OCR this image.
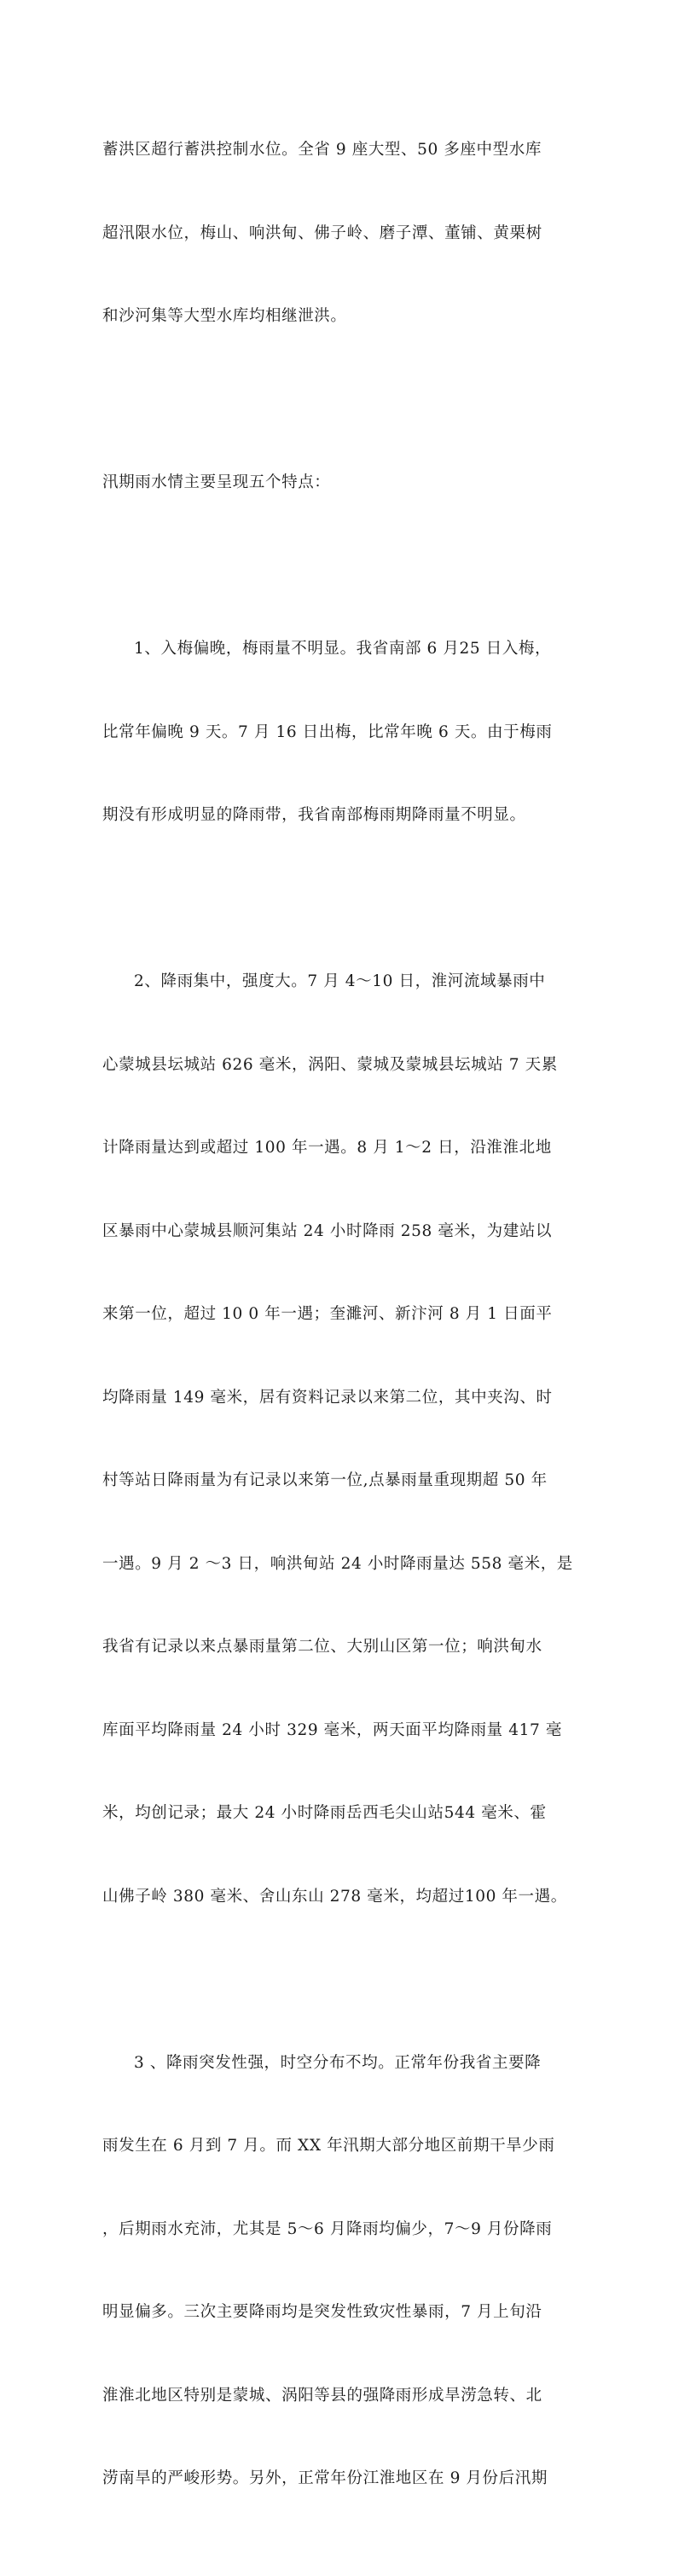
蓄洪区超行蓄洪控制水位。全省 9 座大型、50 多座中型水库

超汛限水位，梅山、响洪甸、佛子岭、磨子潭、董铺、黄栗树

和沙河集等大型水库均相继泄洪。

汛期雨水情主要呈现五个特点：

1、入梅偏晚，梅雨量不明显。我省南部 6 月25 日入梅，

比常年偏晚 9 天。7 月 16 日出梅，比常年晚 6 天。由于梅雨

期没有形成明显的降雨带，我省南部梅雨期降雨量不明显。

2、降雨集中，强度大。7 月 4～10 日，淮河流域暴雨中

心蒙城县坛城站 626 毫米，涡阳、蒙城及蒙城县坛城站 7 天累

计降雨量达到或超过 100 年一遇。8 月 1～2 日，沿淮淮北地

区暴雨中心蒙城县顺河集站 24 小时降雨 258 毫米，为建站以

来第一位，超过 10 0 年一遇；奎濉河、新汴河 8 月 1 日面平

均降雨量 149 毫米，居有资料记录以来第二位，其中夹沟、时

村等站日降雨量为有记录以来第一位,点暴雨量重现期超 50 年

一遇。9 月 2 ～3 日，响洪甸站 24 小时降雨量达 558 毫米，是

我省有记录以来点暴雨量第二位、大别山区第一位；响洪甸水

库面平均降雨量 24 小时 329 毫米，两天面平均降雨量 417 毫

米，均创记录；最大 24 小时降雨岳西毛尖山站544 毫米、霍

山佛子岭 380 毫米、舍山东山 278 毫米，均超过100 年一遇。

3 、降雨突发性强，时空分布不均。正常年份我省主要降

雨发生在 6 月到 7 月。而 XX 年汛期大部分地区前期干旱少雨

，后期雨水充沛，尤其是 5～6 月降雨均偏少，7～9 月份降雨

明显偏多。三次主要降雨均是突发性致灾性暴雨，7 月上旬沿

淮淮北地区特别是蒙城、涡阳等县的强降雨形成旱涝急转、北

涝南旱的严峻形势。另外，正常年份江淮地区在 9 月份后汛期
